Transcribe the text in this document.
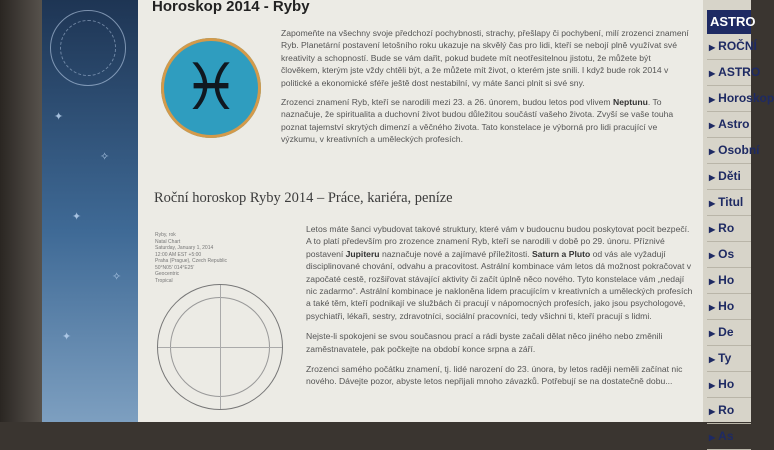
✦
✧
✦
✧
✦
Horoskop 2014 - Ryby
♓

Zapomeňte na všechny svoje předchozí pochybnosti, strachy, přešlapy či pochybení, milí zrozenci znamení Ryb. Planetární postavení letošního roku ukazuje na skvělý čas pro lidi, kteří se nebojí plně využívat své kreativity a schopností. Bude se vám dařit, pokud budete mít neotřesitelnou jistotu, že můžete být člověkem, kterým jste vždy chtěli být, a že můžete mít život, o kterém jste snili. I když bude rok 2014 v politické a ekonomické sféře ještě dost nestabilní, vy máte šanci plnit si své sny.

Zrozenci znamení Ryb, kteří se narodili mezi 23. a 26. únorem, budou letos pod vlivem Neptunu. To naznačuje, že spiritualita a duchovní život budou důležitou součástí vašeho života. Zvyší se vaše touha poznat tajemství skrytých dimenzí a věčného života. Tato konstelace je výborná pro lidi pracující ve výzkumu, v kreativních a uměleckých profesích.

Roční horoskop Ryby 2014 – Práce, kariéra, peníze
Ryby, rok
Natal Chart
Saturday, January 1, 2014
12:00 AM EST +5:00
Praha (Prague), Czech Republic
50°N05' 014°E25'
Geocentric
Tropical

Letos máte šanci vybudovat takové struktury, které vám v budoucnu budou poskytovat pocit bezpečí. A to platí především pro zrozence znamení Ryb, kteří se narodili v době po 29. únoru. Příznivé postavení Jupiteru naznačuje nové a zajímavé příležitosti. Saturn a Pluto od vás ale vyžadují disciplinované chování, odvahu a pracovitost. Astrální kombinace vám letos dá možnost pokračovat v započaté cestě, rozšiřovat stávající aktivity či začít úplně něco nového. Tyto konstelace vám „nedají nic zadarmo“. Astrální kombinace je nakloněna lidem pracujícím v kreativních a uměleckých profesích a také těm, kteří podnikají ve službách či pracují v nápomocných profesích, jako jsou psychologové, psychiatři, lékaři, sestry, zdravotníci, sociální pracovníci, tedy všichni ti, kteří pracují s lidmi.

Nejste-li spokojeni se svou současnou prací a rádi byste začali dělat něco jiného nebo změnili zaměstnavatele, pak počkejte na období konce srpna a září.

Zrozenci samého počátku znamení, tj. lidé narození do 23. února, by letos raději neměli začínat nic nového. Dávejte pozor, abyste letos nepřijali mnoho závazků. Potřebují se na dostatečně dobu...

ASTRO
▶ ROČNÍ
▶ ASTRO
▶ Horoskop
▶ Astro
▶ Osobní
▶ Děti
▶ Titul
▶ Ro
▶ Os
▶ Ho
▶ Ho
▶ De
▶ Ty
▶ Ho
▶ Ro
▶ As
